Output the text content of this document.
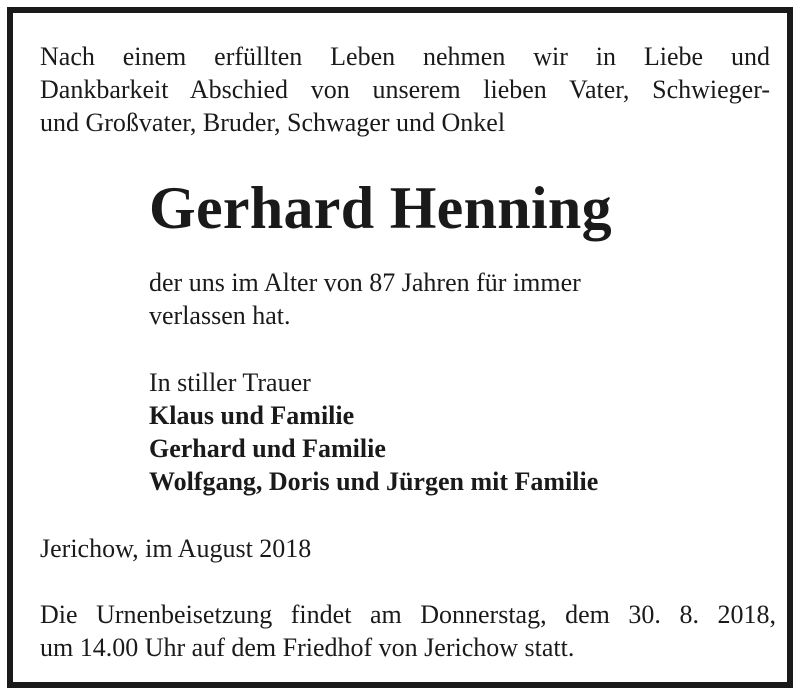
Nach einem erfüllten Leben nehmen wir in Liebe und
Dankbarkeit Abschied von unserem lieben Vater, Schwieger-
und Großvater, Bruder, Schwager und Onkel

Gerhard Henning

der uns im Alter von 87 Jahren für immer
verlassen hat.

In stiller Trauer
Klaus und Familie
Gerhard und Familie
Wolfgang, Doris und Jürgen mit Familie

Jerichow, im August 2018

Die Urnenbeisetzung findet am Donnerstag, dem 30. 8. 2018,
um 14.00 Uhr auf dem Friedhof von Jerichow statt.
